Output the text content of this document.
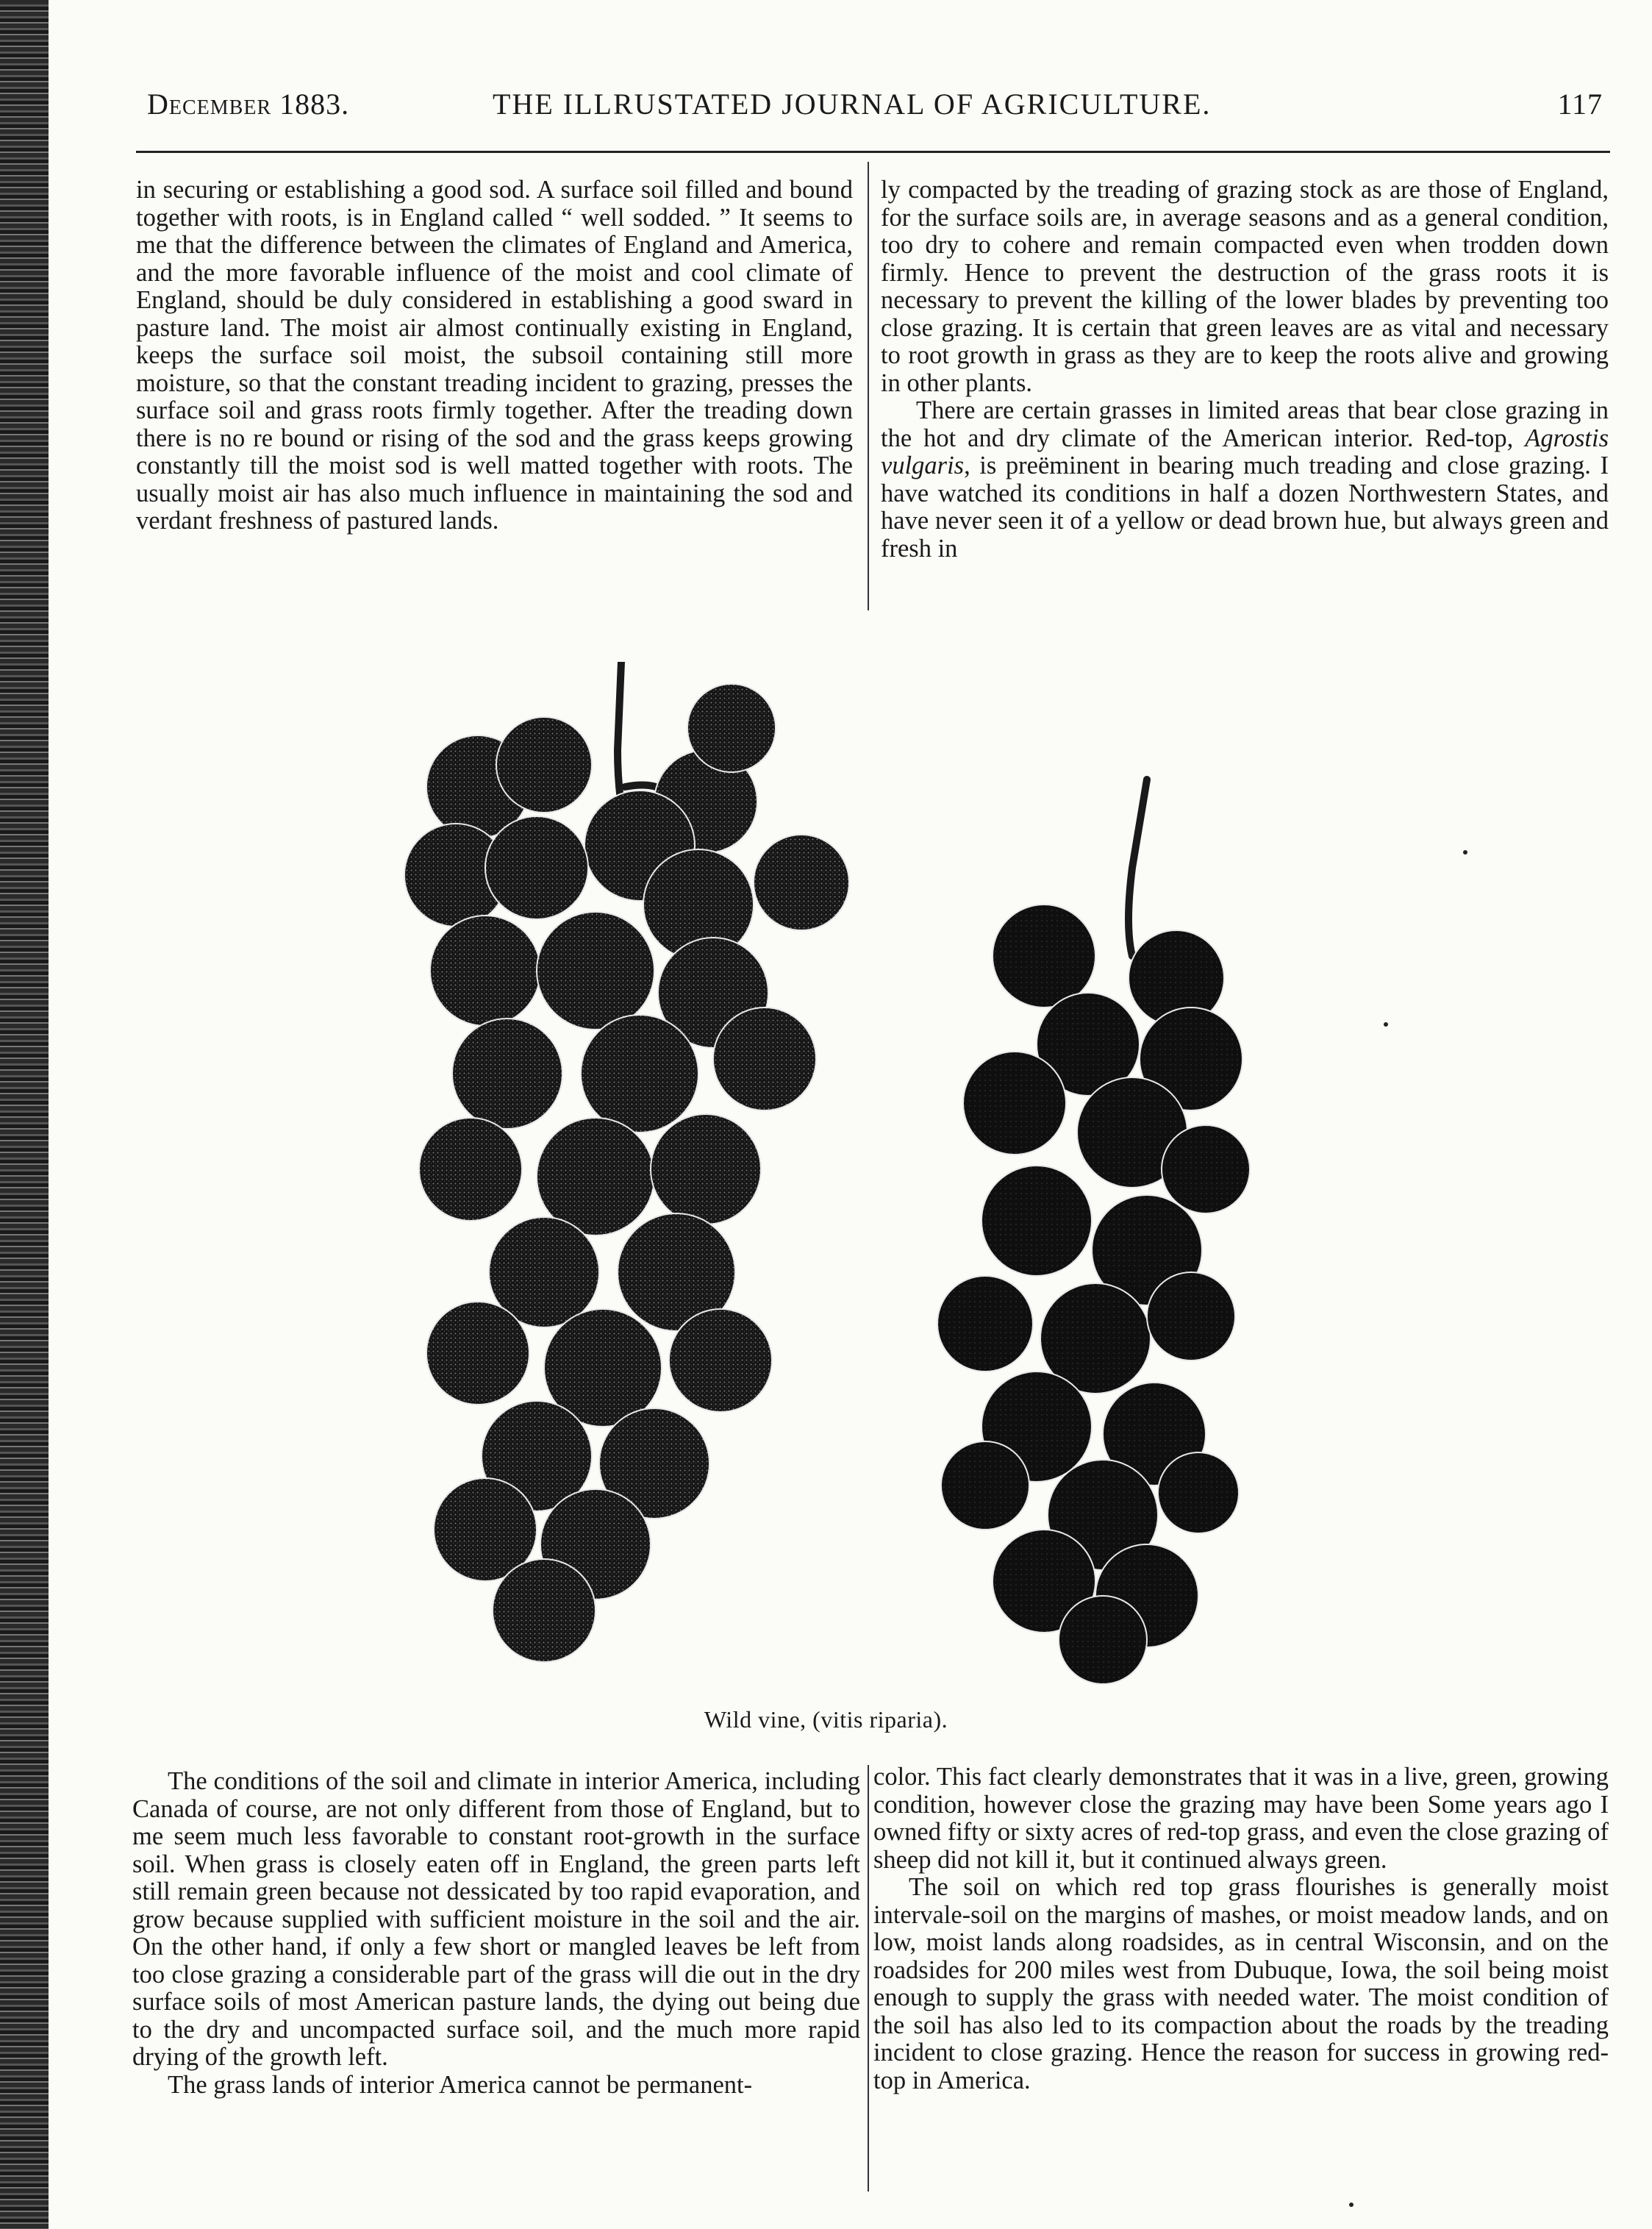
December 1883.	THE ILLRUSTATED JOURNAL OF AGRICULTURE.	117

in securing or establishing a good sod. A surface soil filled and bound together with roots, is in England called “ well sodded. ” It seems to me that the difference between the climates of England and America, and the more favorable influence of the moist and cool climate of England, should be duly considered in establishing a good sward in pasture land. The moist air almost continually existing in England, keeps the surface soil moist, the subsoil containing still more moisture, so that the constant treading incident to grazing, presses the surface soil and grass roots firmly together. After the treading down there is no re bound or rising of the sod and the grass keeps growing constantly till the moist sod is well matted together with roots. The usually moist air has also much influence in maintaining the sod and verdant freshness of pastured lands.

ly compacted by the treading of grazing stock as are those of England, for the surface soils are, in average seasons and as a general condition, too dry to cohere and remain compacted even when trodden down firmly. Hence to prevent the destruction of the grass roots it is necessary to prevent the killing of the lower blades by preventing too close grazing. It is certain that green leaves are as vital and necessary to root growth in grass as they are to keep the roots alive and growing in other plants.

There are certain grasses in limited areas that bear close grazing in the hot and dry climate of the American interior. Red-top, Agrostis vulgaris, is preëminent in bearing much treading and close grazing. I have watched its conditions in half a dozen Northwestern States, and have never seen it of a yellow or dead brown hue, but always green and fresh in

Wild vine, (vitis riparia).

The conditions of the soil and climate in interior America, including Canada of course, are not only different from those of England, but to me seem much less favorable to constant root-growth in the surface soil. When grass is closely eaten off in England, the green parts left still remain green because not dessicated by too rapid evaporation, and grow because supplied with sufficient moisture in the soil and the air. On the other hand, if only a few short or mangled leaves be left from too close grazing a considerable part of the grass will die out in the dry surface soils of most American pasture lands, the dying out being due to the dry and uncompacted surface soil, and the much more rapid drying of the growth left.

The grass lands of interior America cannot be permanent-

color. This fact clearly demonstrates that it was in a live, green, growing condition, however close the grazing may have been Some years ago I owned fifty or sixty acres of red-top grass, and even the close grazing of sheep did not kill it, but it continued always green.

The soil on which red top grass flourishes is generally moist intervale-soil on the margins of mashes, or moist meadow lands, and on low, moist lands along roadsides, as in central Wisconsin, and on the roadsides for 200 miles west from Dubuque, Iowa, the soil being moist enough to supply the grass with needed water. The moist condition of the soil has also led to its compaction about the roads by the treading incident to close grazing. Hence the reason for success in growing red-top in America.
